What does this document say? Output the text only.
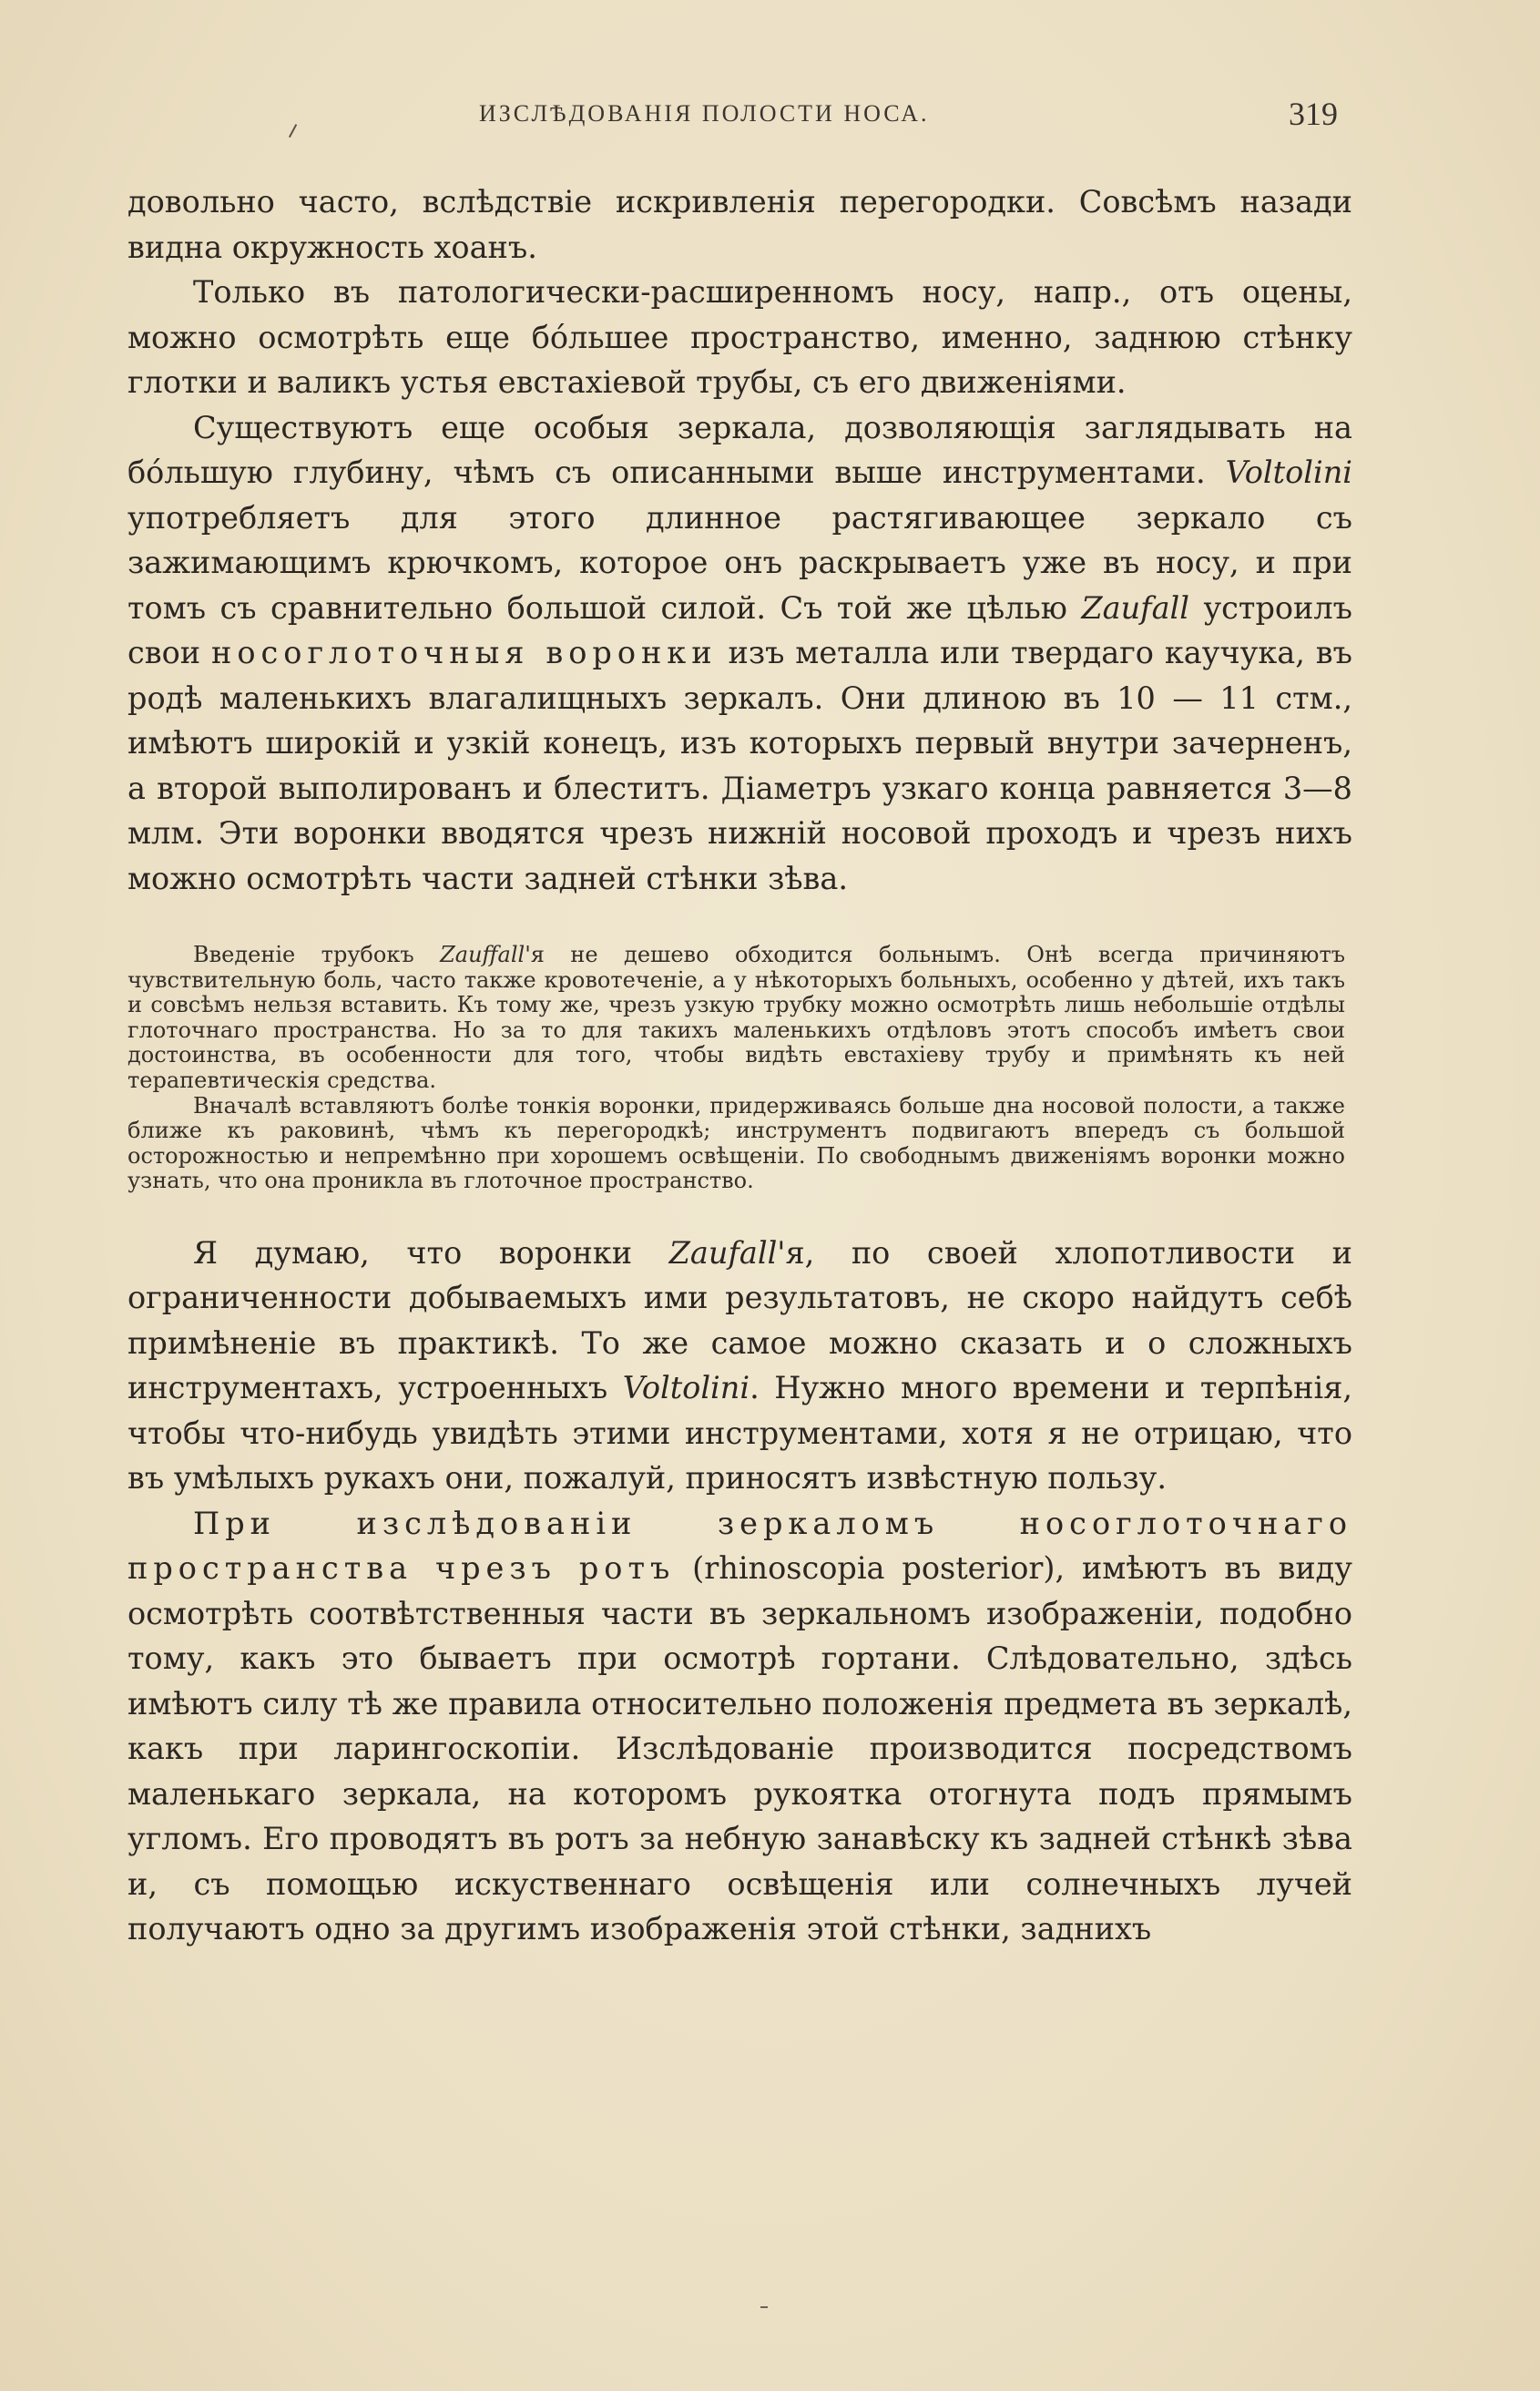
ИЗСЛѢДОВАНІЯ ПОЛОСТИ НОСА.	319

довольно часто, вслѣдствіе искривленія перегородки. Совсѣмъ назади видна окружность хоанъ.

Только въ патологически-расширенномъ носу, напр., отъ оцены, можно осмотрѣть еще бóльшее пространство, именно, заднюю стѣнку глотки и валикъ устья евстахіевой трубы, съ его движеніями.

Существуютъ еще особыя зеркала, дозволяющія заглядывать на бóльшую глубину, чѣмъ съ описанными выше инструментами. Voltolini употребляетъ для этого длинное растягивающее зеркало съ зажимающимъ крючкомъ, которое онъ раскрываетъ уже въ носу, и при томъ съ сравнительно большой силой. Съ той же цѣлью Zaufall устроилъ свои носоглоточныя воронки изъ металла или твердаго каучука, въ родѣ маленькихъ влагалищныхъ зеркалъ. Они длиною въ 10 — 11 стм., имѣютъ широкій и узкій конецъ, изъ которыхъ первый внутри зачерненъ, а второй выполированъ и блеститъ. Діаметръ узкаго конца равняется 3—8 млм. Эти воронки вводятся чрезъ нижній носовой проходъ и чрезъ нихъ можно осмотрѣть части задней стѣнки зѣва.

Введеніе трубокъ Zauffall'я не дешево обходится больнымъ. Онѣ всегда причиняютъ чувствительную боль, часто также кровотеченіе, а у нѣкоторыхъ больныхъ, особенно у дѣтей, ихъ такъ и совсѣмъ нельзя вставить. Къ тому же, чрезъ узкую трубку можно осмотрѣть лишь небольшіе отдѣлы глоточнаго пространства. Но за то для такихъ маленькихъ отдѣловъ этотъ способъ имѣетъ свои достоинства, въ особенности для того, чтобы видѣть евстахіеву трубу и примѣнять къ ней терапевтическія средства.

Вначалѣ вставляютъ болѣе тонкія воронки, придерживаясь больше дна носовой полости, а также ближе къ раковинѣ, чѣмъ къ перегородкѣ; инструментъ подвигаютъ впередъ съ большой осторожностью и непремѣнно при хорошемъ освѣщеніи. По свободнымъ движеніямъ воронки можно узнать, что она проникла въ глоточное пространство.

Я думаю, что воронки Zaufall'я, по своей хлопотливости и ограниченности добываемыхъ ими результатовъ, не скоро найдутъ себѣ примѣненіе въ практикѣ. То же самое можно сказать и о сложныхъ инструментахъ, устроенныхъ Voltolini. Нужно много времени и терпѣнія, чтобы что-нибудь увидѣть этими инструментами, хотя я не отрицаю, что въ умѣлыхъ рукахъ они, пожалуй, приносятъ извѣстную пользу.

При изслѣдованіи зеркаломъ носоглоточнаго пространства чрезъ ротъ (rhinoscopia posterior), имѣютъ въ виду осмотрѣть соотвѣтственныя части въ зеркальномъ изображеніи, подобно тому, какъ это бываетъ при осмотрѣ гортани. Слѣдовательно, здѣсь имѣютъ силу тѣ же правила относительно положенія предмета въ зеркалѣ, какъ при ларингоскопіи. Изслѣдованіе производится посредствомъ маленькаго зеркала, на которомъ рукоятка отогнута подъ прямымъ угломъ. Его проводятъ въ ротъ за небную занавѣску къ задней стѣнкѣ зѣва и, съ помощью искуственнаго освѣщенія или солнечныхъ лучей получаютъ одно за другимъ изображенія этой стѣнки, заднихъ
